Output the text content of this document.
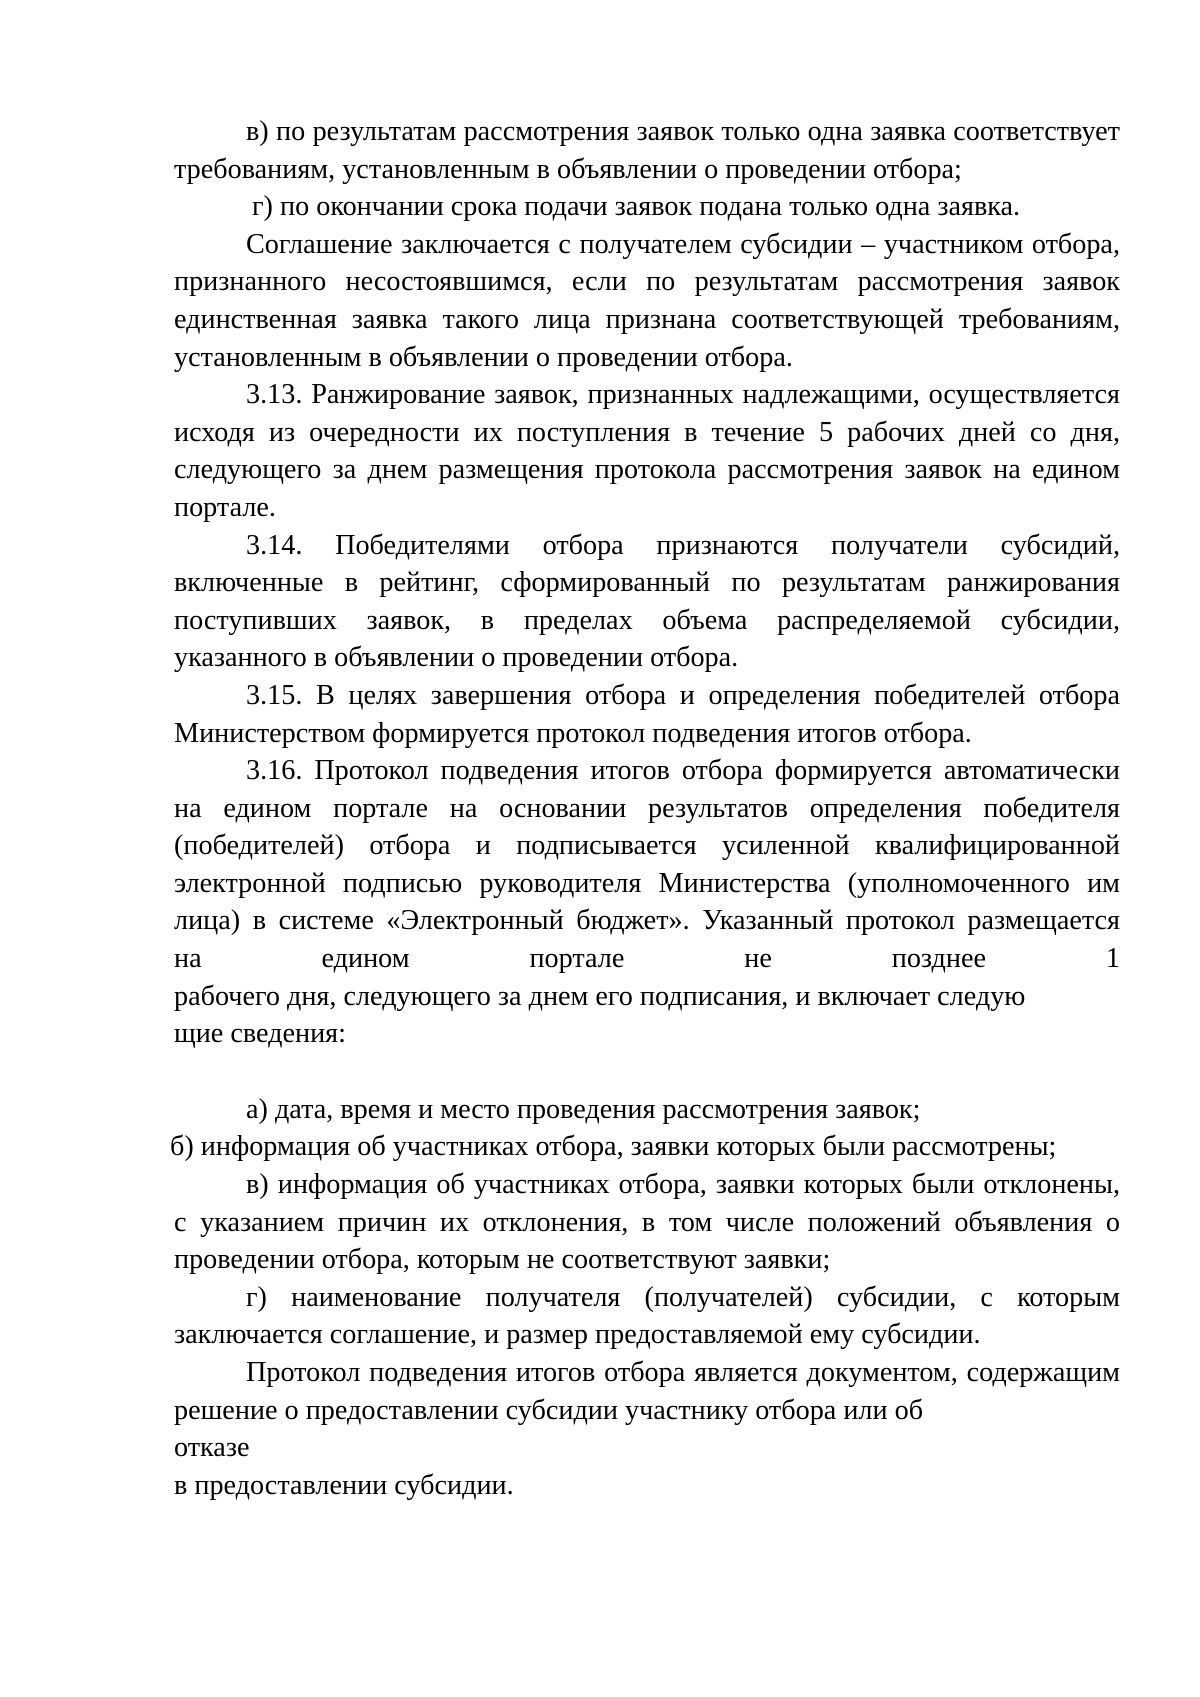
в) по результатам рассмотрения заявок только одна заявка соответствует требованиям, установленным в объявлении о проведении отбора;

г) по окончании срока подачи заявок подана только одна заявка.

Соглашение заключается с получателем субсидии – участником отбора, признанного несостоявшимся, если по результатам рассмотрения заявок единственная заявка такого лица признана соответствующей требованиям, установленным в объявлении о проведении отбора.

3.13. Ранжирование заявок, признанных надлежащими, осуществляется исходя из очередности их поступления в течение 5 рабочих дней со дня, следующего за днем размещения протокола рассмотрения заявок на едином портале.

3.14. Победителями отбора признаются получатели субсидий, включенные в рейтинг, сформированный по результатам ранжирования поступивших заявок, в пределах объема распределяемой субсидии, указанного в объявлении о проведении отбора.

3.15. В целях завершения отбора и определения победителей отбора Министерством формируется протокол подведения итогов отбора.

3.16. Протокол подведения итогов отбора формируется автоматически на едином портале на основании результатов определения победителя (победителей) отбора и подписывается усиленной квалифицированной электронной подписью руководителя Министерства (уполномоченного им лица) в системе «Электронный бюджет». Указанный протокол размещается

на едином портале не позднее 1

рабочего дня, следующего за днем его подписания, и включает следую

щие сведения:

а) дата, время и место проведения рассмотрения заявок;

б) информация об участниках отбора, заявки которых были рассмотрены;

в) информация об участниках отбора, заявки которых были отклонены, с указанием причин их отклонения, в том числе положений объявления о проведении отбора, которым не соответствуют заявки;

г) наименование получателя (получателей) субсидии, с которым заключается соглашение, и размер предоставляемой ему субсидии.

Протокол подведения итогов отбора является документом, содержащим решение о предоставлении субсидии участнику отбора или об

отказе

в предоставлении субсидии.
